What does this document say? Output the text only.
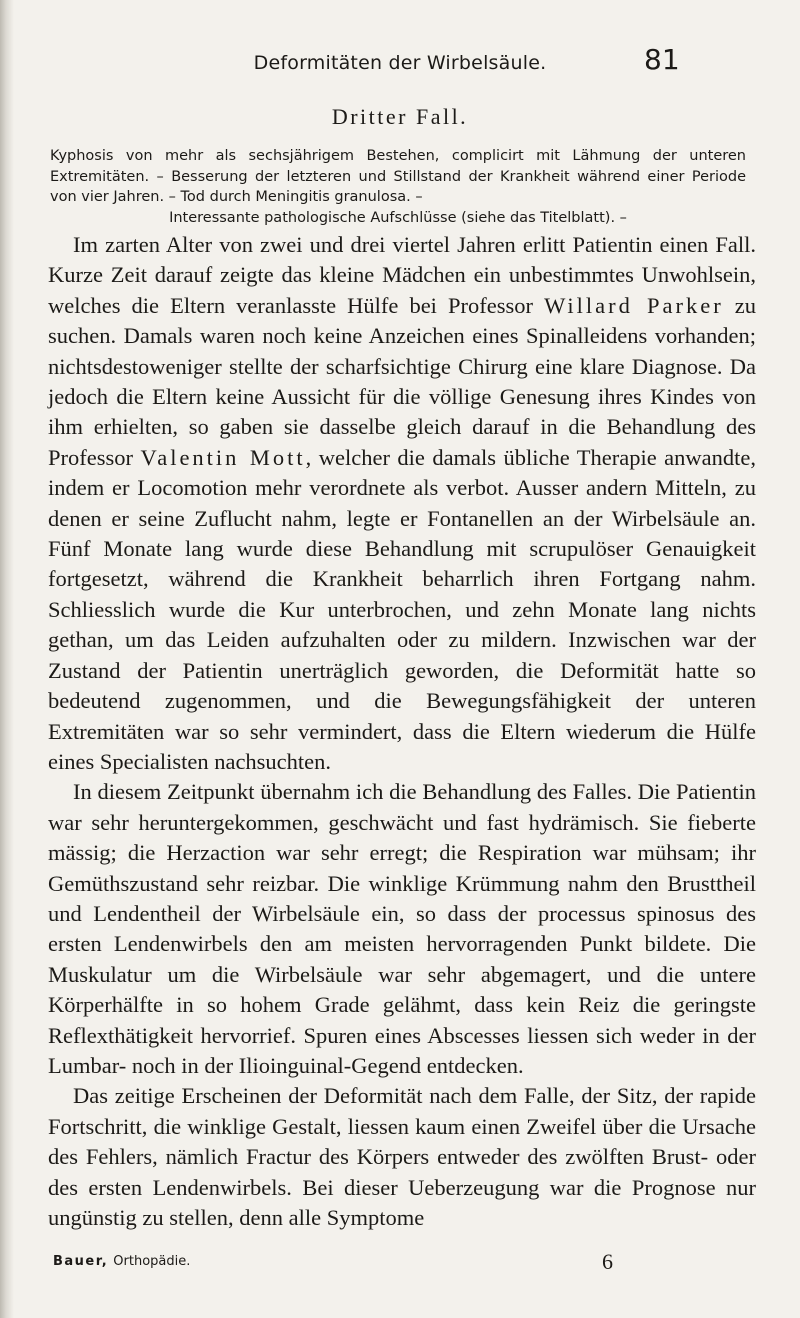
Deformitäten der Wirbelsäule.	81
Dritter Fall.
Kyphosis von mehr als sechsjährigem Bestehen, complicirt mit Lähmung der unteren Extremitäten. – Besserung der letzteren und Stillstand der Krankheit während einer Periode von vier Jahren. – Tod durch Meningitis granulosa. –
Interessante pathologische Aufschlüsse (siehe das Titelblatt). –

Im zarten Alter von zwei und drei viertel Jahren erlitt Patientin einen Fall. Kurze Zeit darauf zeigte das kleine Mädchen ein unbestimmtes Unwohlsein, welches die Eltern veranlasste Hülfe bei Professor Willard Parker zu suchen. Damals waren noch keine Anzeichen eines Spinalleidens vorhanden; nichtsdestoweniger stellte der scharfsichtige Chirurg eine klare Diagnose. Da jedoch die Eltern keine Aussicht für die völlige Genesung ihres Kindes von ihm erhielten, so gaben sie dasselbe gleich darauf in die Behandlung des Professor Valentin Mott, welcher die damals übliche Therapie anwandte, indem er Locomotion mehr verordnete als verbot. Ausser andern Mitteln, zu denen er seine Zuflucht nahm, legte er Fontanellen an der Wirbelsäule an. Fünf Monate lang wurde diese Behandlung mit scrupulöser Genauigkeit fortgesetzt, während die Krankheit beharrlich ihren Fortgang nahm. Schliesslich wurde die Kur unterbrochen, und zehn Monate lang nichts gethan, um das Leiden aufzuhalten oder zu mildern. Inzwischen war der Zustand der Patientin unerträglich geworden, die Deformität hatte so bedeutend zugenommen, und die Bewegungsfähigkeit der unteren Extremitäten war so sehr vermindert, dass die Eltern wiederum die Hülfe eines Specialisten nachsuchten.

In diesem Zeitpunkt übernahm ich die Behandlung des Falles. Die Patientin war sehr heruntergekommen, geschwächt und fast hydrämisch. Sie fieberte mässig; die Herzaction war sehr erregt; die Respiration war mühsam; ihr Gemüthszustand sehr reizbar. Die winklige Krümmung nahm den Brusttheil und Lendentheil der Wirbelsäule ein, so dass der processus spinosus des ersten Lendenwirbels den am meisten hervorragenden Punkt bildete. Die Muskulatur um die Wirbelsäule war sehr abgemagert, und die untere Körperhälfte in so hohem Grade gelähmt, dass kein Reiz die geringste Reflexthätigkeit hervorrief. Spuren eines Abscesses liessen sich weder in der Lumbar- noch in der Ilioinguinal-Gegend entdecken.

Das zeitige Erscheinen der Deformität nach dem Falle, der Sitz, der rapide Fortschritt, die winklige Gestalt, liessen kaum einen Zweifel über die Ursache des Fehlers, nämlich Fractur des Körpers entweder des zwölften Brust- oder des ersten Lendenwirbels. Bei dieser Ueberzeugung war die Prognose nur ungünstig zu stellen, denn alle Symptome

Bauer, Orthopädie.	6
